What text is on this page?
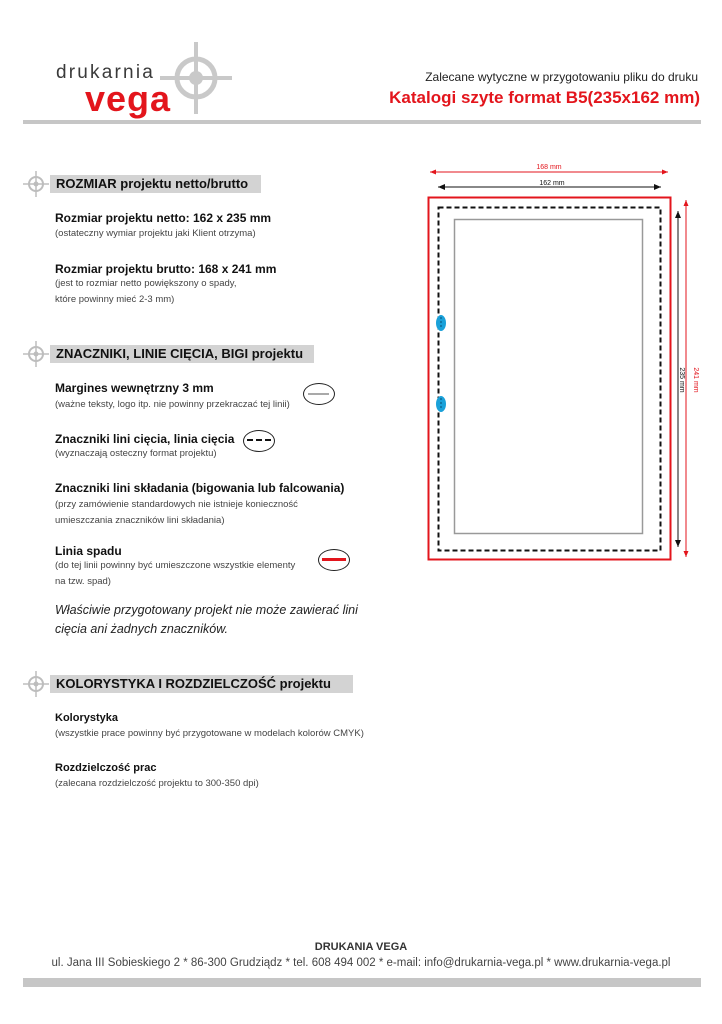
drukarnia
vega
Zalecane wytyczne w przygotowaniu pliku do druku
Katalogi szyte format B5(235x162 mm)
ROZMIAR projektu netto/brutto
Rozmiar projektu netto: 162 x 235 mm
(ostateczny wymiar projektu jaki Klient otrzyma)
Rozmiar projektu brutto: 168 x 241 mm
(jest to rozmiar netto powiększony o spady,
które powinny mieć 2-3 mm)
ZNACZNIKI, LINIE CIĘCIA, BIGI projektu
Margines wewnętrzny 3 mm
(ważne teksty, logo itp. nie powinny przekraczać tej linii)
Znaczniki lini cięcia, linia cięcia
(wyznaczają osteczny format projektu)
Znaczniki lini składania (bigowania lub falcowania)
(przy zamówienie standardowych nie istnieje konieczność
umieszczania znaczników lini składania)
Linia spadu
(do tej linii powinny być umieszczone wszystkie elementy
na tzw. spad)
Właściwie przygotowany projekt nie może zawierać lini
cięcia ani żadnych znaczników.
KOLORYSTYKA I ROZDZIELCZOŚĆ projektu
Kolorystyka
(wszystkie prace powinny być przygotowane w modelach kolorów CMYK)
Rozdzielczość prac
(zalecana rozdzielczość projektu to 300-350 dpi)
168 mm
162 mm
235 mm 241 mm
DRUKANIA VEGA
ul. Jana III Sobieskiego 2 * 86-300 Grudziądz * tel. 608 494 002 * e-mail: info@drukarnia-vega.pl * www.drukarnia-vega.pl
